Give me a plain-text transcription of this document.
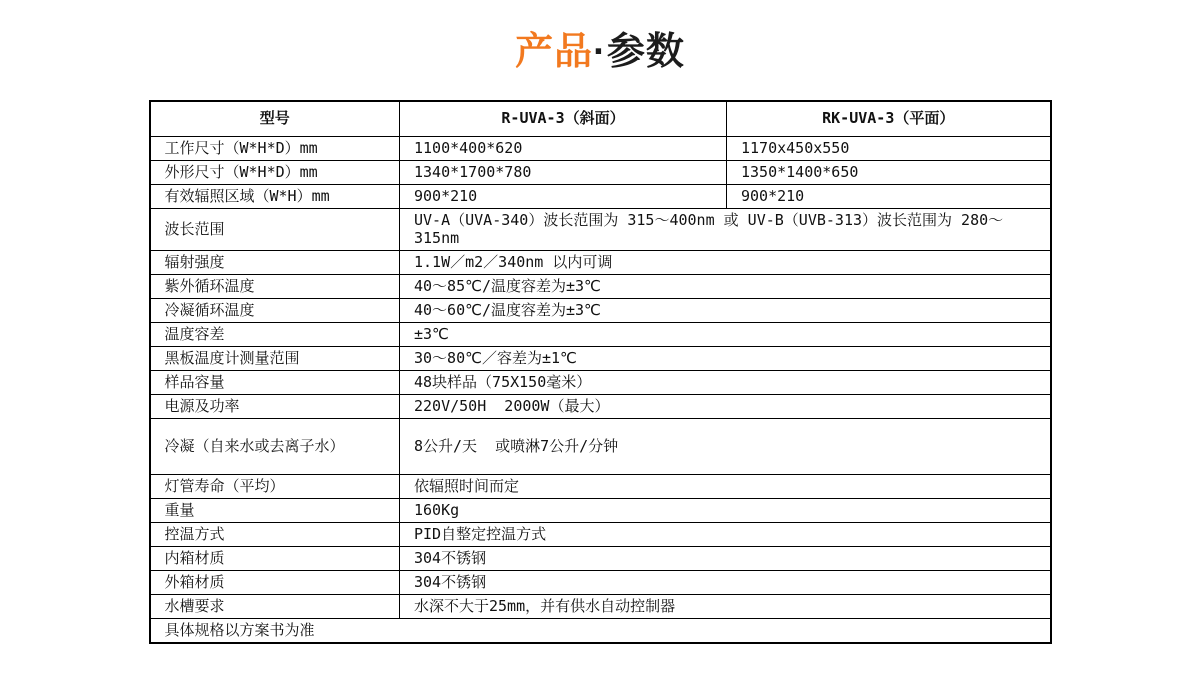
产品·参数
型号	R-UVA-3（斜面）	RK-UVA-3（平面）
工作尺寸（W*H*D）mm	1100*400*620	1170x450x550
外形尺寸（W*H*D）mm	1340*1700*780	1350*1400*650
有效辐照区域（W*H）mm	900*210	900*210
波长范围	UV-A（UVA-340）波长范围为 315～400nm 或 UV-B（UVB-313）波长范围为 280～315nm	
辐射强度	1.1W／m2／340nm 以内可调	
紫外循环温度	40～85℃/温度容差为±3℃	
冷凝循环温度	40～60℃/温度容差为±3℃	
温度容差	±3℃	
黑板温度计测量范围	30～80℃／容差为±1℃	
样品容量	48块样品（75X150毫米）	
电源及功率	220V/50H  2000W（最大）	
冷凝（自来水或去离子水）	8公升/天  或喷淋7公升/分钟	
灯管寿命（平均）	依辐照时间而定	
重量	160Kg	
控温方式	PID自整定控温方式	
内箱材质	304不锈钢	
外箱材质	304不锈钢	
水槽要求	水深不大于25mm，并有供水自动控制器	
具体规格以方案书为准		
